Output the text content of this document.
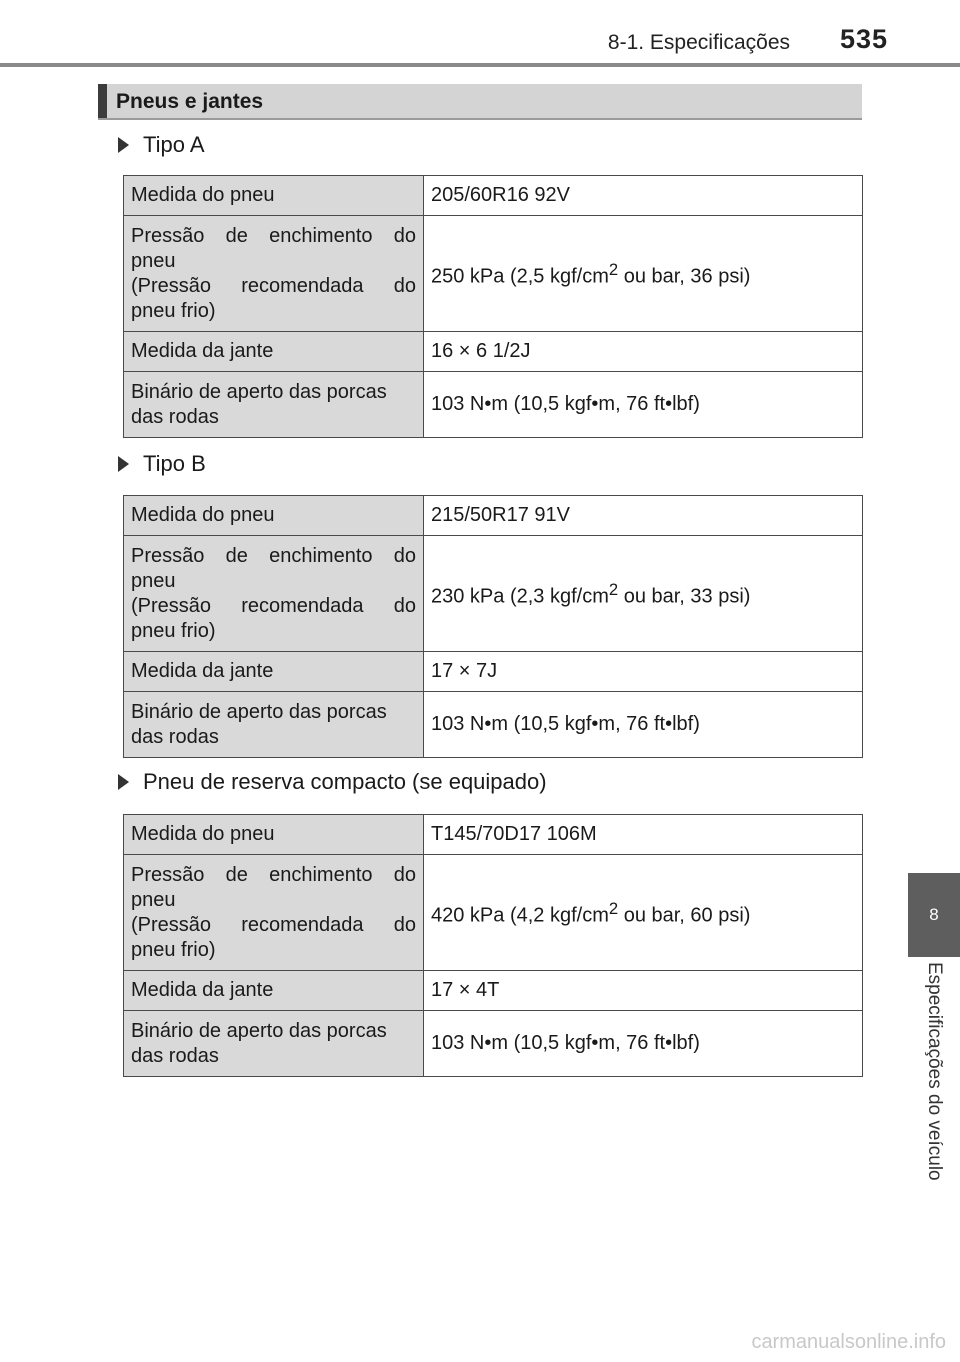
8-1. Especificações 535
Pneus e jantes
Tipo A
Medida do pneu	205/60R16 92V
Pressão de enchimento do pneu
(Pressão recomendada do pneu frio)	250 kPa (2,5 kgf/$cm^2$ ou bar, 36 psi)
Medida da jante	16 × 6 1/2J
Binário de aperto das porcas das rodas	103 N•m (10,5 kgf•m, 76 ft•lbf)
Tipo B
Medida do pneu	215/50R17 91V
Pressão de enchimento do pneu
(Pressão recomendada do pneu frio)	230 kPa (2,3 kgf/$cm^2$ ou bar, 33 psi)
Medida da jante	17 × 7J
Binário de aperto das porcas das rodas	103 N•m (10,5 kgf•m, 76 ft•lbf)
Pneu de reserva compacto (se equipado)
Medida do pneu	T145/70D17 106M
Pressão de enchimento do pneu
(Pressão recomendada do pneu frio)	420 kPa (4,2 kgf/$cm^2$ ou bar, 60 psi)
Medida da jante	17 × 4T
Binário de aperto das porcas das rodas	103 N•m (10,5 kgf•m, 76 ft•lbf)
8
Especificações do veículo
carmanualsonline.info
